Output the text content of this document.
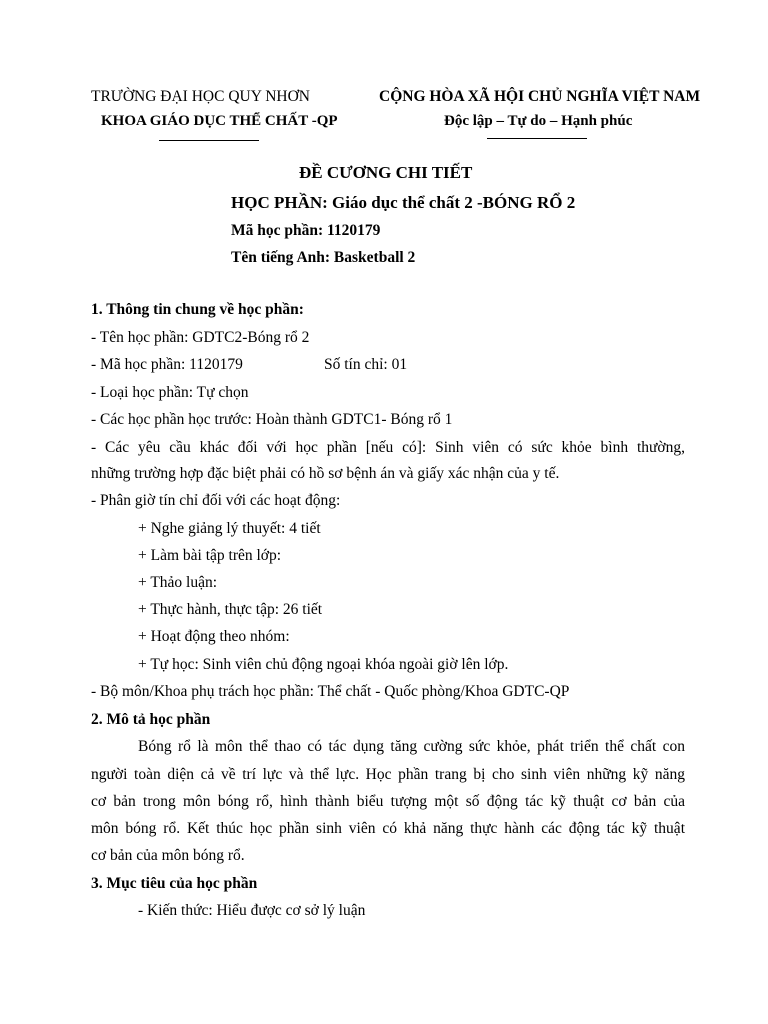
TRƯỜNG ĐẠI HỌC QUY NHƠN
KHOA GIÁO DỤC THỂ CHẤT -QP
CỘNG HÒA XÃ HỘI CHỦ NGHĨA VIỆT NAM
Độc lập – Tự do – Hạnh phúc
ĐỀ CƯƠNG CHI TIẾT
HỌC PHẦN: Giáo dục thể chất 2 -BÓNG RỔ 2
Mã học phần: 1120179
Tên tiếng Anh: Basketball 2
1. Thông tin chung về học phần:
- Tên học phần: GDTC2-Bóng rổ 2
- Mã học phần: 1120179	Số tín chỉ: 01
- Loại học phần: Tự chọn
- Các học phần học trước: Hoàn thành GDTC1- Bóng rổ 1
- Các yêu cầu khác đối với học phần [nếu có]: Sinh viên có sức khỏe bình thường,
những trường hợp đặc biệt phải có hồ sơ bệnh án và giấy xác nhận của y tế.
- Phân giờ tín chỉ đối với các hoạt động:
+ Nghe giảng lý thuyết: 4 tiết
+ Làm bài tập trên lớp:
+ Thảo luận:
+ Thực hành, thực tập: 26 tiết
+ Hoạt động theo nhóm:
+ Tự học: Sinh viên chủ động ngoại khóa ngoài giờ lên lớp.
- Bộ môn/Khoa phụ trách học phần: Thể chất - Quốc phòng/Khoa GDTC-QP
2. Mô tả học phần
Bóng rổ là môn thể thao có tác dụng tăng cường sức khỏe, phát triển thể chất con
người toàn diện cả về trí lực và thể lực. Học phần trang bị cho sinh viên những kỹ năng
cơ bản trong môn bóng rổ, hình thành biểu tượng một số động tác kỹ thuật cơ bản của
môn bóng rổ. Kết thúc học phần sinh viên có khả năng thực hành các động tác kỹ thuật
cơ bản của môn bóng rổ.
3. Mục tiêu của học phần
- Kiến thức: Hiểu được cơ sở lý luận
